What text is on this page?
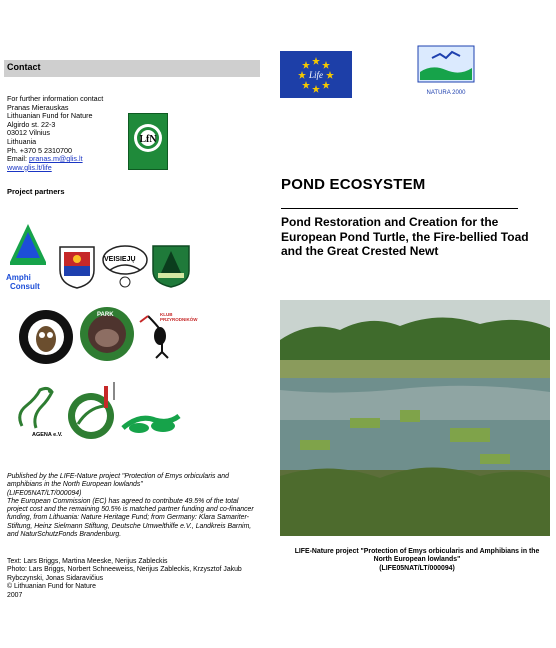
Contact
For further information contact
Pranas Mierauskas
Lithuanian Fund for Nature
Algirdo st. 22-3
03012 Vilnius
Lithuania
Ph. +370 5 2310700
Email: pranas.m@glis.lt
www.glis.lt/life
LfN
Project partners
Amphi
Consult
VEISIEJŲ
PARK	KLUB PRZYRODNIKÓW
AGENA e.V.
Published by the LIFE-Nature project "Protection of Emys orbicularis and amphibians in the North European lowlands"
(LIFE05NAT/LT/000094)
The European Commission (EC) has agreed to contribute 49.5% of the total project cost and the remaining 50.5% is matched partner funding and co-financer funding, from Lithuania: Nature Heritage Fund; from Germany: Klara Samariter-Stiftung, Heinz Sielmann Stiftung, Deutsche Umwelthilfe e.V., Landkreis Barnim, and NaturSchutzFonds Brandenburg.
Text: Lars Briggs, Martina Meeske, Nerijus Zableckis
Photo: Lars Briggs, Norbert Schneeweiss, Nerijus Zableckis, Krzysztof Jakub Rybczynski, Jonas Sidaravičius
© Lithuanian Fund for Nature
2007
Life
NATURA 2000
POND ECOSYSTEM
Pond Restoration and Creation for the European Pond Turtle, the Fire-bellied Toad and the Great Crested Newt
LIFE-Nature project "Protection of Emys orbicularis and Amphibians in the North European lowlands"
(LIFE05NAT/LT/000094)
